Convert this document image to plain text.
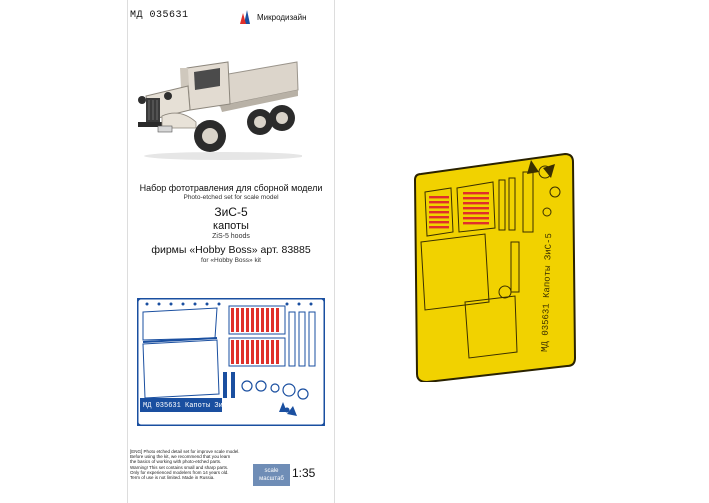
МД 035631	Микродизайн
Набор фототравления для сборной модели
Photo-etched set for scale model
ЗиС-5
капоты
ZiS-5 hoods
фирмы «Hobby Boss» арт. 83885
for «Hobby Boss» kit
МД 035631 Капоты ЗиС-5
[ENG] Photo etched detail set for improve scale model.
Before using the kit, we recommend that you learn
the basics of working with photo-etched parts.
Warning! This set contains small and sharp parts.
Only for experienced modelers from 14 years old.
Term of use is not limited. Made in Russia.
scale
масштаб 1:35
МД 035631 Капоты ЗиС-5
